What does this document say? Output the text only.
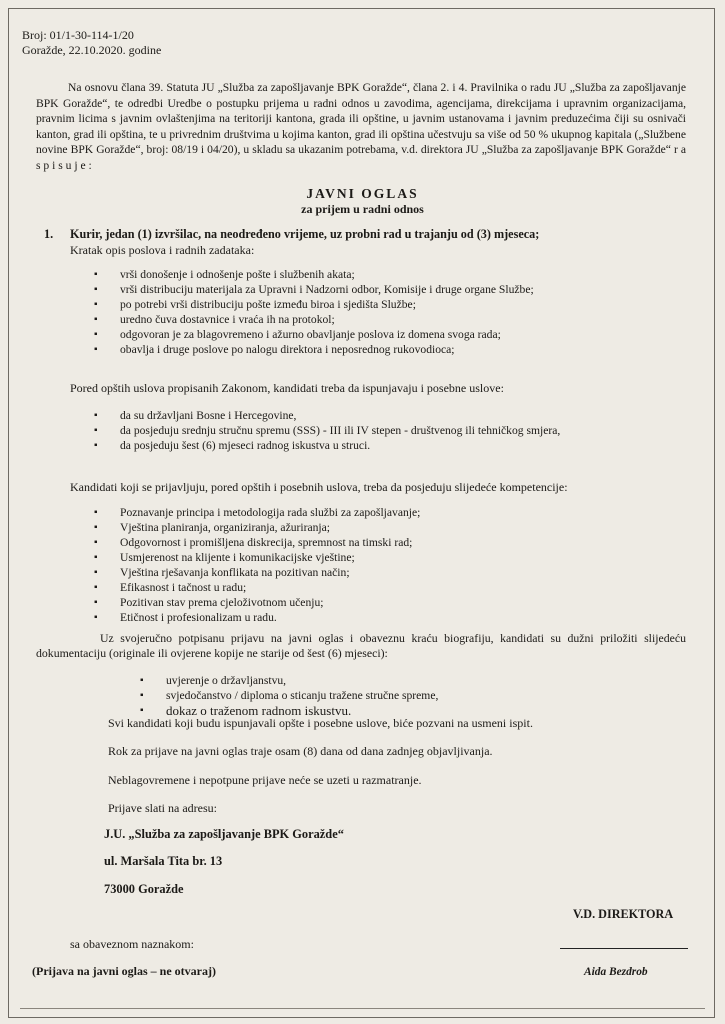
Broj: 01/1-30-114-1/20
Goražde, 22.10.2020. godine
Na osnovu člana 39. Statuta JU „Služba za zapošljavanje BPK Goražde“, člana 2. i 4. Pravilnika o radu JU „Služba za zapošljavanje BPK Goražde“, te odredbi Uredbe o postupku prijema u radni odnos u zavodima, agencijama, direkcijama i upravnim organizacijama, pravnim licima s javnim ovlaštenjima na teritoriji kantona, grada ili opštine, u javnim ustanovama i javnim preduzećima čiji su osnivači kanton, grad ili opština, te u privrednim društvima u kojima kanton, grad ili opština učestvuju sa više od 50 % ukupnog kapitala („Službene novine BPK Goražde“, broj: 08/19 i 04/20), u skladu sa ukazanim potrebama, v.d. direktora JU „Služba za zapošljavanje BPK Goražde“ r a s p i s u j e :
JAVNI OGLAS
za prijem u radni odnos
1. Kurir, jedan (1) izvršilac, na neodređeno vrijeme, uz probni rad u trajanju od (3) mjeseca;
Kratak opis poslova i radnih zadataka:
▪ vrši donošenje i odnošenje pošte i službenih akata;
▪ vrši distribuciju materijala za Upravni i Nadzorni odbor, Komisije i druge organe Službe;
▪ po potrebi vrši distribuciju pošte između biroa i sjedišta Službe;
▪ uredno čuva dostavnice i vraća ih na protokol;
▪ odgovoran je za blagovremeno i ažurno obavljanje poslova iz domena svoga rada;
▪ obavlja i druge poslove po nalogu direktora i neposrednog rukovodioca;
Pored opštih uslova propisanih Zakonom, kandidati treba da ispunjavaju i posebne uslove:
▪ da su državljani Bosne i Hercegovine,
▪ da posjeduju srednju stručnu spremu (SSS) - III ili IV stepen - društvenog ili tehničkog smjera,
▪ da posjeduju šest (6) mjeseci radnog iskustva u struci.
Kandidati koji se prijavljuju, pored opštih i posebnih uslova, treba da posjeduju slijedeće kompetencije:
▪ Poznavanje principa i metodologija rada službi za zapošljavanje;
▪ Vještina planiranja, organiziranja, ažuriranja;
▪ Odgovornost i promišljena diskrecija, spremnost na timski rad;
▪ Usmjerenost na klijente i komunikacijske vještine;
▪ Vještina rješavanja konflikata na pozitivan način;
▪ Efikasnost i tačnost u radu;
▪ Pozitivan stav prema cjeloživotnom učenju;
▪ Etičnost i profesionalizam u radu.
Uz svojeručno potpisanu prijavu na javni oglas i obaveznu kraću biografiju, kandidati su dužni priložiti slijedeću dokumentaciju (originale ili ovjerene kopije ne starije od šest (6) mjeseci):
▪ uvjerenje o državljanstvu,
▪ svjedočanstvo / diploma o sticanju tražene stručne spreme,
▪ dokaz o traženom radnom iskustvu.
Svi kandidati koji budu ispunjavali opšte i posebne uslove, biće pozvani na usmeni ispit.
Rok za prijave na javni oglas traje osam (8) dana od dana zadnjeg objavljivanja.
Neblagovremene i nepotpune prijave neće se uzeti u razmatranje.
Prijave slati na adresu:
J.U. „Služba za zapošljavanje BPK Goražde“
ul. Maršala Tita br. 13
73000 Goražde
V.D. DIREKTORA
sa obaveznom naznakom:
(Prijava na javni oglas – ne otvaraj)	Aida Bezdrob
